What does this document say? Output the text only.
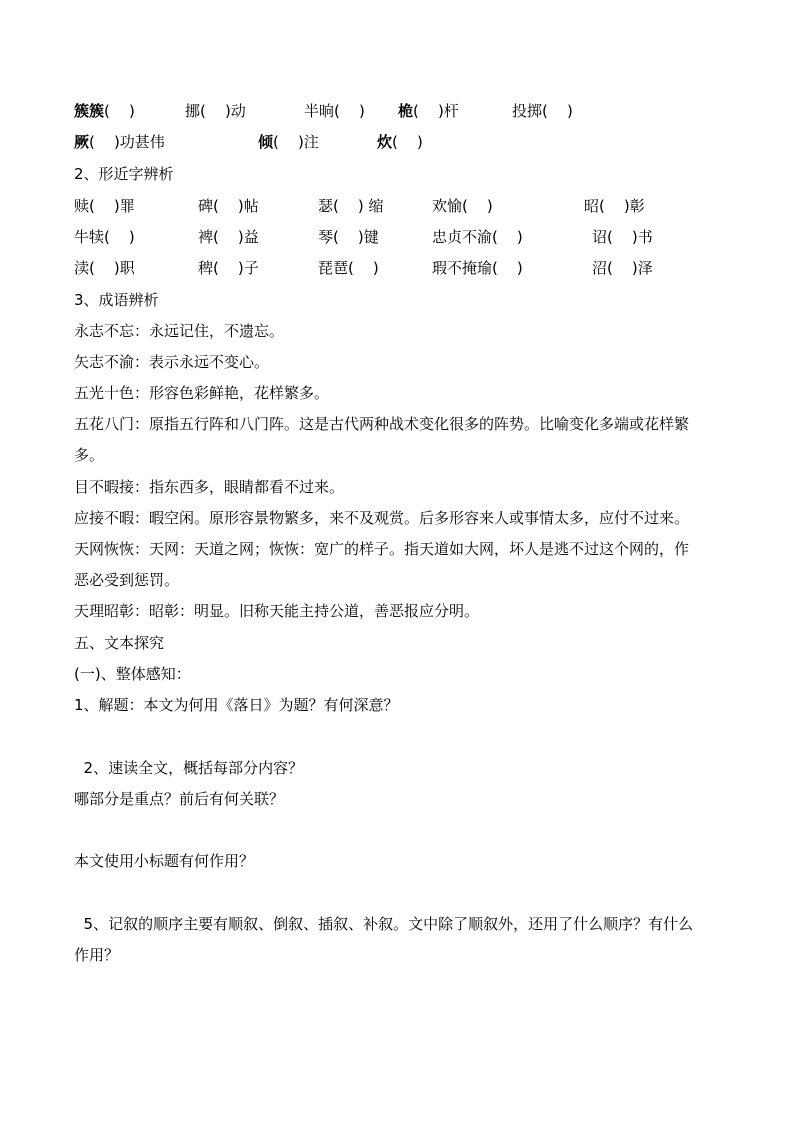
簇簇(    )	挪(    )动	半晌(    ) 桅(    )杆	投掷(    )
厥(    )功甚伟	倾(    )注	炊(    )
2、形近字辨析
赎(    )罪	碑(    )帖	瑟(    ) 缩	欢愉(    )	昭(    )彰
牛犊(    )	裨(    )益	琴(    )键	忠贞不渝(    )	诏(    )书
渎(    )职	稗(    )子	琵琶(    )	瑕不掩瑜(    )	沼(    )泽
3、成语辨析
永志不忘：永远记住，不遗忘。
矢志不渝：表示永远不变心。
五光十色：形容色彩鲜艳，花样繁多。
五花八门：原指五行阵和八门阵。这是古代两种战术变化很多的阵势。比喻变化多端或花样繁
多。
目不暇接：指东西多，眼睛都看不过来。
应接不暇：暇空闲。原形容景物繁多，来不及观赏。后多形容来人或事情太多，应付不过来。
天网恢恢：天网：天道之网；恢恢：宽广的样子。指天道如大网，坏人是逃不过这个网的，作
恶必受到惩罚。
天理昭彰：昭彰：明显。旧称天能主持公道，善恶报应分明。
五、文本探究
(一)、整体感知：
1、解题：本文为何用《落日》为题？有何深意？
2、速读全文，概括每部分内容？
哪部分是重点？前后有何关联？
本文使用小标题有何作用？
5、记叙的顺序主要有顺叙、倒叙、插叙、补叙。文中除了顺叙外，还用了什么顺序？有什么
作用？
